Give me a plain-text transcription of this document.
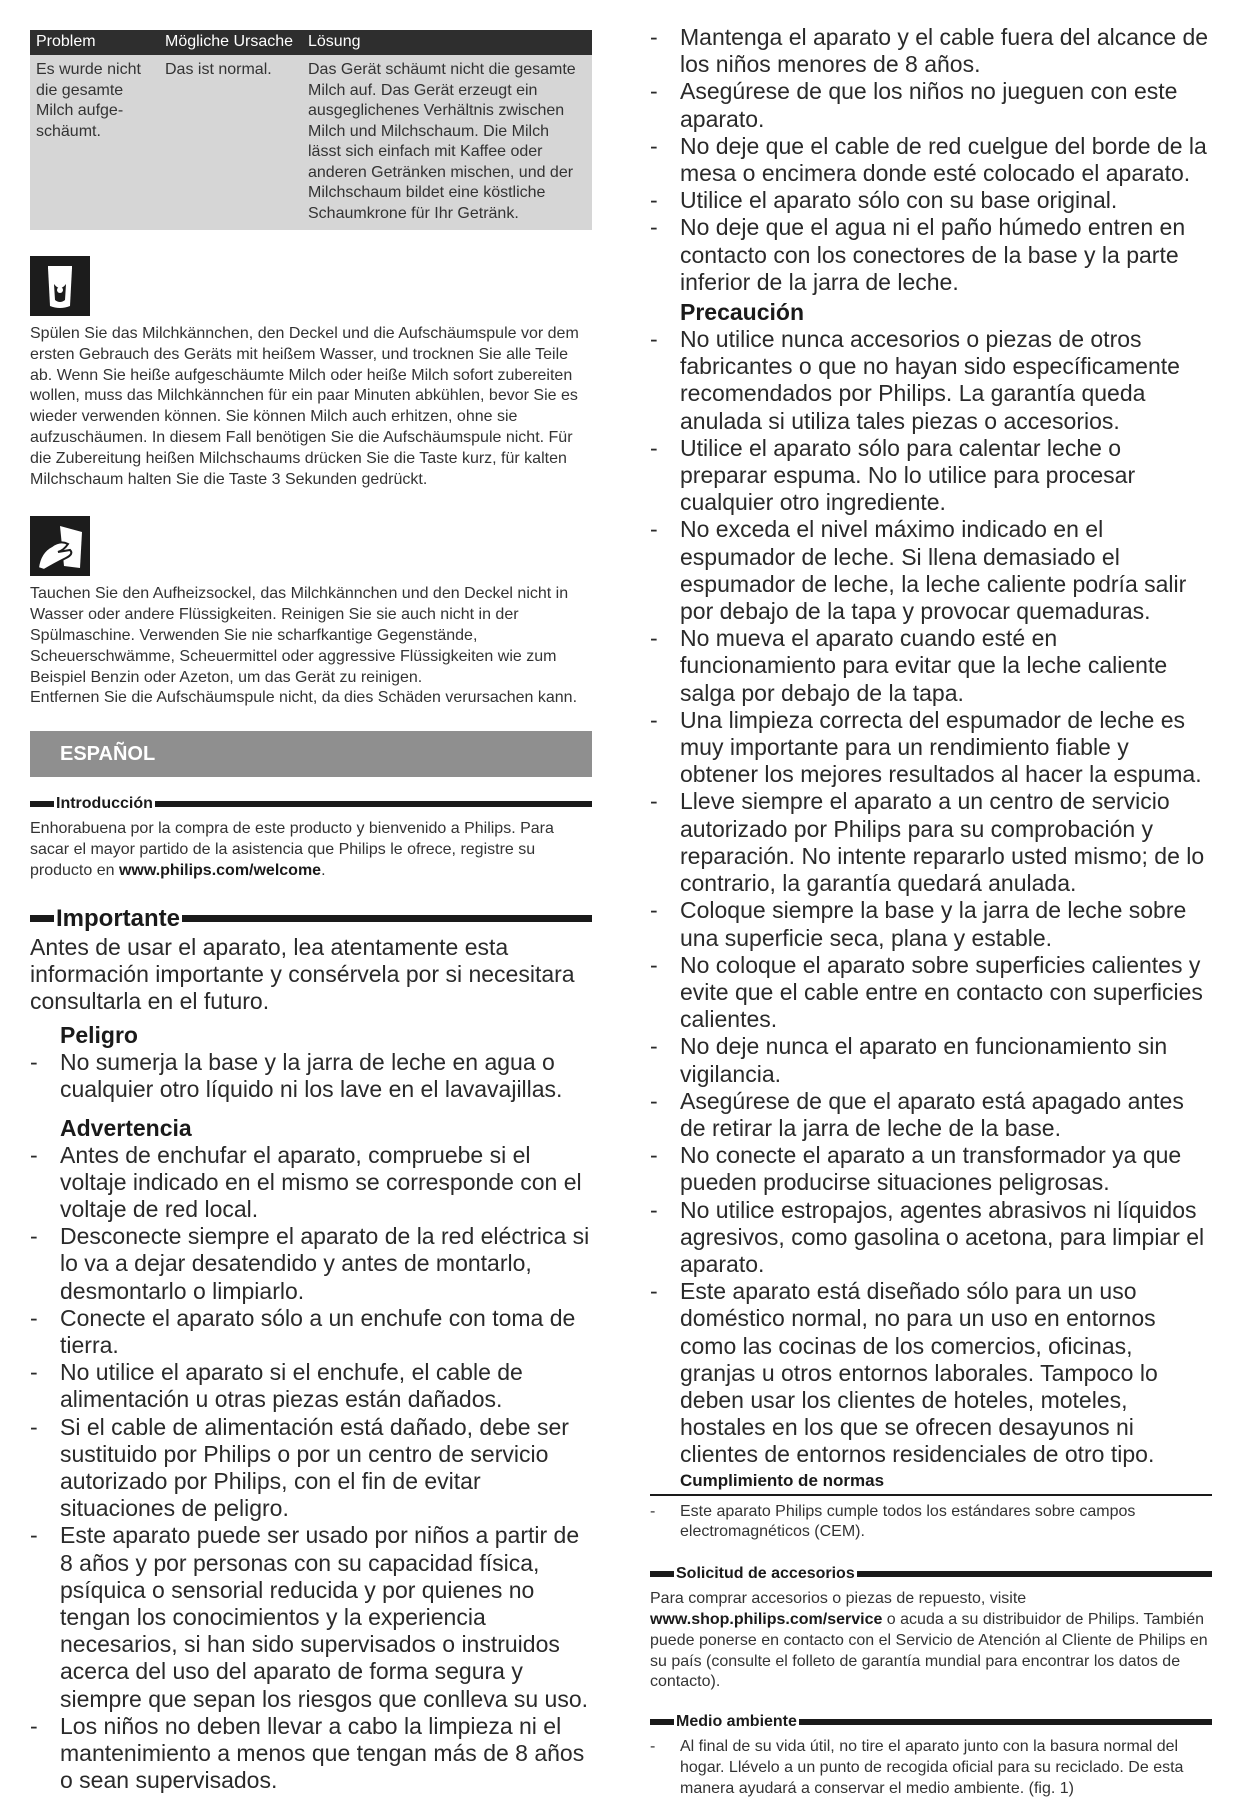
Problem	Mögliche Ursache	Lösung
Es wurde nicht die gesamte Milch aufge-schäumt.	Das ist normal.	Das Gerät schäumt nicht die gesamte Milch auf. Das Gerät erzeugt ein ausgeglichenes Verhältnis zwischen Milch und Milchschaum. Die Milch lässt sich einfach mit Kaffee oder anderen Getränken mischen, und der Milchschaum bildet eine köstliche Schaumkrone für Ihr Getränk.

Spülen Sie das Milchkännchen, den Deckel und die Aufschäumspule vor dem ersten Gebrauch des Geräts mit heißem Wasser, und trocknen Sie alle Teile ab. Wenn Sie heiße aufgeschäumte Milch oder heiße Milch sofort zubereiten wollen, muss das Milchkännchen für ein paar Minuten abkühlen, bevor Sie es wieder verwenden können. Sie können Milch auch erhitzen, ohne sie aufzuschäumen. In diesem Fall benötigen Sie die Aufschäumspule nicht. Für die Zubereitung heißen Milchschaums drücken Sie die Taste kurz, für kalten Milchschaum halten Sie die Taste 3 Sekunden gedrückt.

Tauchen Sie den Aufheizsockel, das Milchkännchen und den Deckel nicht in Wasser oder andere Flüssigkeiten. Reinigen Sie sie auch nicht in der Spülmaschine. Verwenden Sie nie scharfkantige Gegenstände, Scheuerschwämme, Scheuermittel oder aggressive Flüssigkeiten wie zum Beispiel Benzin oder Azeton, um das Gerät zu reinigen.

Entfernen Sie die Aufschäumspule nicht, da dies Schäden verursachen kann.

ESPAÑOL
Introducción

Enhorabuena por la compra de este producto y bienvenido a Philips. Para sacar el mayor partido de la asistencia que Philips le ofrece, registre su producto en www.philips.com/welcome.

Importante

Antes de usar el aparato, lea atentamente esta información importante y consérvela por si necesitara consultarla en el futuro.

Peligro
- No sumerja la base y la jarra de leche en agua o cualquier otro líquido ni los lave en el lavavajillas.
Advertencia
- Antes de enchufar el aparato, compruebe si el voltaje indicado en el mismo se corresponde con el voltaje de red local.
- Desconecte siempre el aparato de la red eléctrica si lo va a dejar desatendido y antes de montarlo, desmontarlo o limpiarlo.
- Conecte el aparato sólo a un enchufe con toma de tierra.
- No utilice el aparato si el enchufe, el cable de alimentación u otras piezas están dañados.
- Si el cable de alimentación está dañado, debe ser sustituido por Philips o por un centro de servicio autorizado por Philips, con el fin de evitar situaciones de peligro.
- Este aparato puede ser usado por niños a partir de 8 años y por personas con su capacidad física, psíquica o sensorial reducida y por quienes no tengan los conocimientos y la experiencia necesarios, si han sido supervisados o instruidos acerca del uso del aparato de forma segura y siempre que sepan los riesgos que conlleva su uso.
- Los niños no deben llevar a cabo la limpieza ni el mantenimiento a menos que tengan más de 8 años o sean supervisados.
- Mantenga el aparato y el cable fuera del alcance de los niños menores de 8 años.
- Asegúrese de que los niños no jueguen con este aparato.
- No deje que el cable de red cuelgue del borde de la mesa o encimera donde esté colocado el aparato.
- Utilice el aparato sólo con su base original.
- No deje que el agua ni el paño húmedo entren en contacto con los conectores de la base y la parte inferior de la jarra de leche.
Precaución
- No utilice nunca accesorios o piezas de otros fabricantes o que no hayan sido específicamente recomendados por Philips. La garantía queda anulada si utiliza tales piezas o accesorios.
- Utilice el aparato sólo para calentar leche o preparar espuma. No lo utilice para procesar cualquier otro ingrediente.
- No exceda el nivel máximo indicado en el espumador de leche. Si llena demasiado el espumador de leche, la leche caliente podría salir por debajo de la tapa y provocar quemaduras.
- No mueva el aparato cuando esté en funcionamiento para evitar que la leche caliente salga por debajo de la tapa.
- Una limpieza correcta del espumador de leche es muy importante para un rendimiento fiable y obtener los mejores resultados al hacer la espuma.
- Lleve siempre el aparato a un centro de servicio autorizado por Philips para su comprobación y reparación. No intente repararlo usted mismo; de lo contrario, la garantía quedará anulada.
- Coloque siempre la base y la jarra de leche sobre una superficie seca, plana y estable.
- No coloque el aparato sobre superficies calientes y evite que el cable entre en contacto con superficies calientes.
- No deje nunca el aparato en funcionamiento sin vigilancia.
- Asegúrese de que el aparato está apagado antes de retirar la jarra de leche de la base.
- No conecte el aparato a un transformador ya que pueden producirse situaciones peligrosas.
- No utilice estropajos, agentes abrasivos ni líquidos agresivos, como gasolina o acetona, para limpiar el aparato.
- Este aparato está diseñado sólo para un uso doméstico normal, no para un uso en entornos como las cocinas de los comercios, oficinas, granjas u otros entornos laborales. Tampoco lo deben usar los clientes de hoteles, moteles, hostales en los que se ofrecen desayunos ni clientes de entornos residenciales de otro tipo.
Cumplimiento de normas
- Este aparato Philips cumple todos los estándares sobre campos electromagnéticos (CEM).
Solicitud de accesorios

Para comprar accesorios o piezas de repuesto, visite www.shop.philips.com/service o acuda a su distribuidor de Philips. También puede ponerse en contacto con el Servicio de Atención al Cliente de Philips en su país (consulte el folleto de garantía mundial para encontrar los datos de contacto).

Medio ambiente
- Al final de su vida útil, no tire el aparato junto con la basura normal del hogar. Llévelo a un punto de recogida oficial para su reciclado. De esta manera ayudará a conservar el medio ambiente. (fig. 1)
